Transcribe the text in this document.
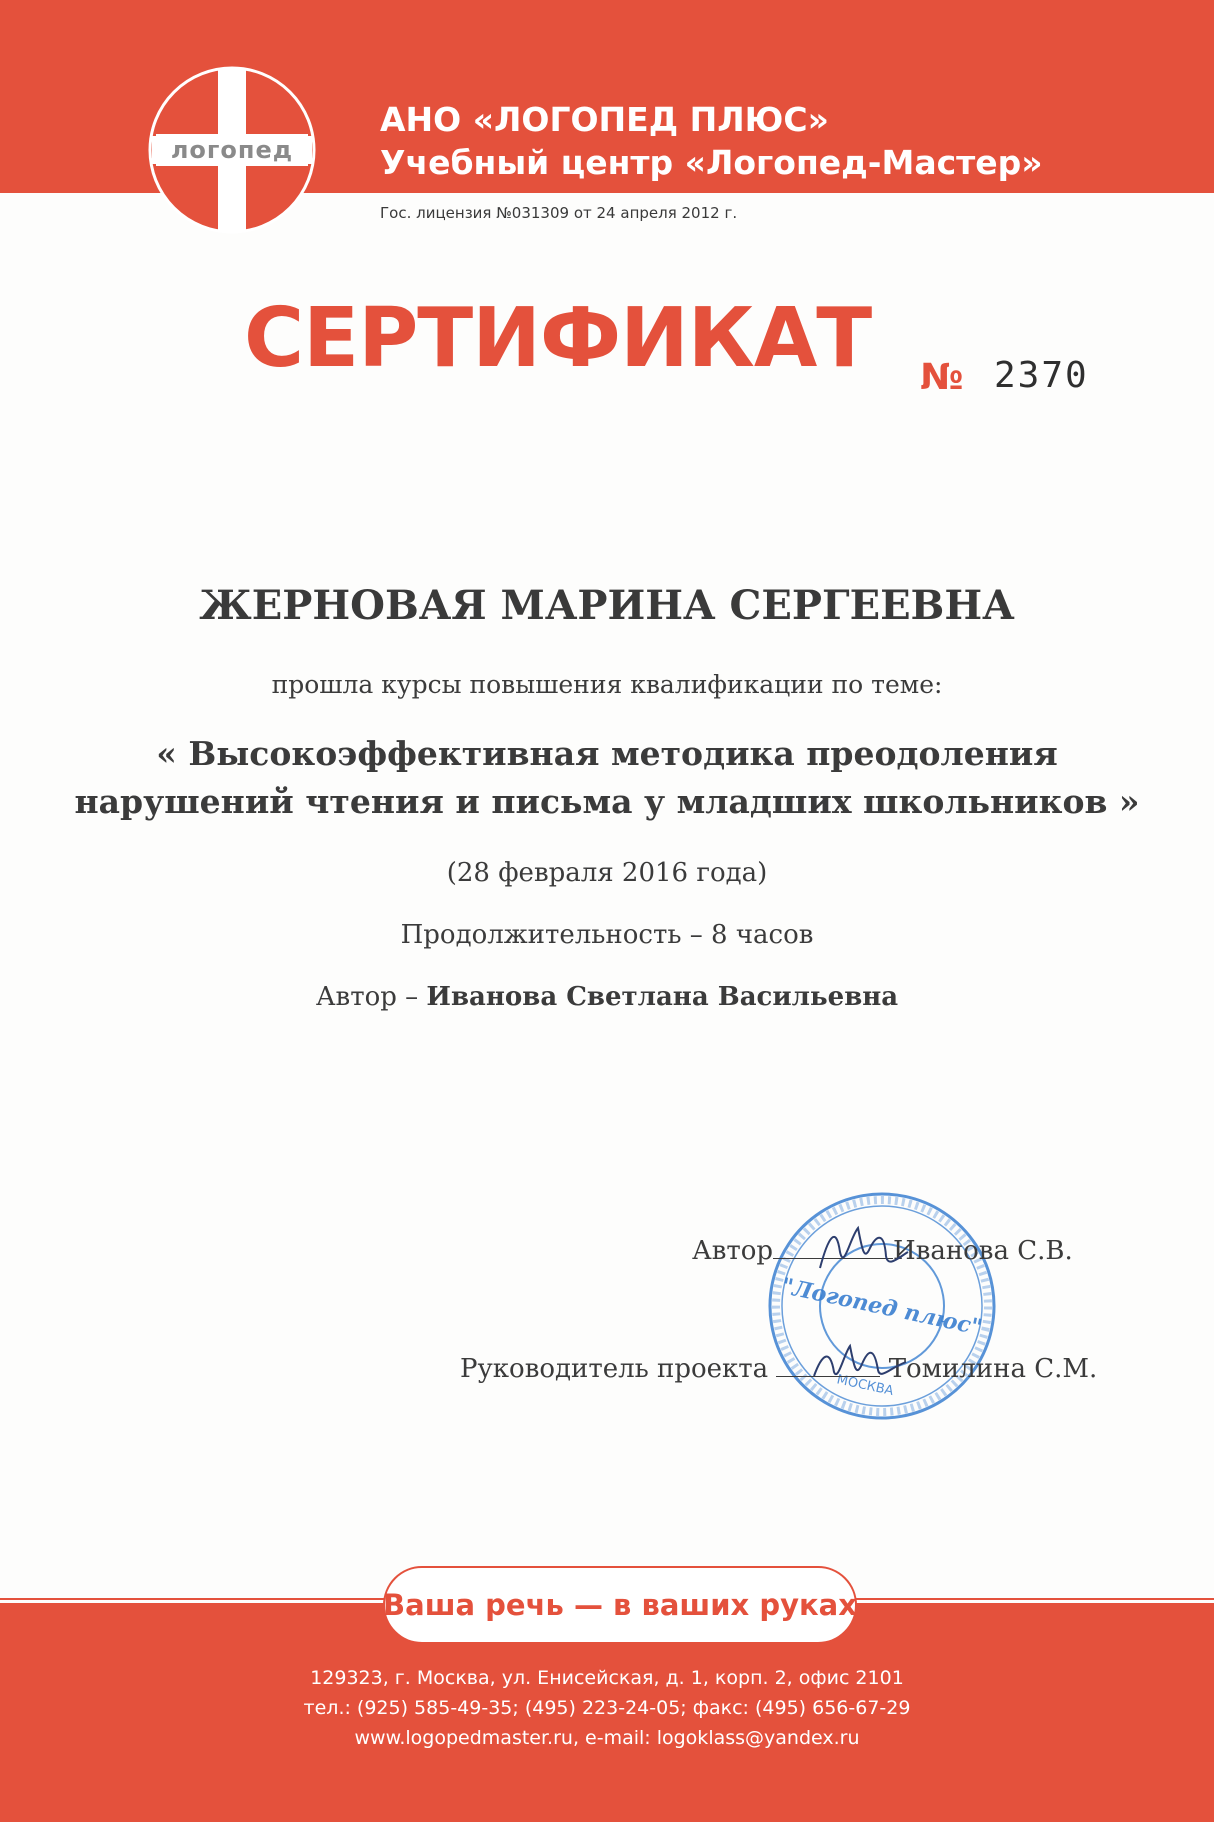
логопед
АНО «ЛОГОПЕД ПЛЮС»
Учебный центр «Логопед-Мастер»
Гос. лицензия №031309 от 24 апреля 2012 г.
СЕРТИФИКАТ № 2370
ЖЕРНОВАЯ МАРИНА СЕРГЕЕВНА
прошла курсы повышения квалификации по теме:
« Высокоэффективная методика преодоления
нарушений чтения и письма у младших школьников »
(28 февраля 2016 года)
Продолжительность – 8 часов
Автор – Иванова Светлана Васильевна
"Логопед плюс"
МОСКВА
Автор	Иванова С.В.
Руководитель проекта	Томилина С.М.
Ваша речь — в ваших руках
129323, г. Москва, ул. Енисейская, д. 1, корп. 2, офис 2101
тел.: (925) 585-49-35; (495) 223-24-05; факс: (495) 656-67-29
www.logopedmaster.ru, e-mail: logoklass@yandex.ru
